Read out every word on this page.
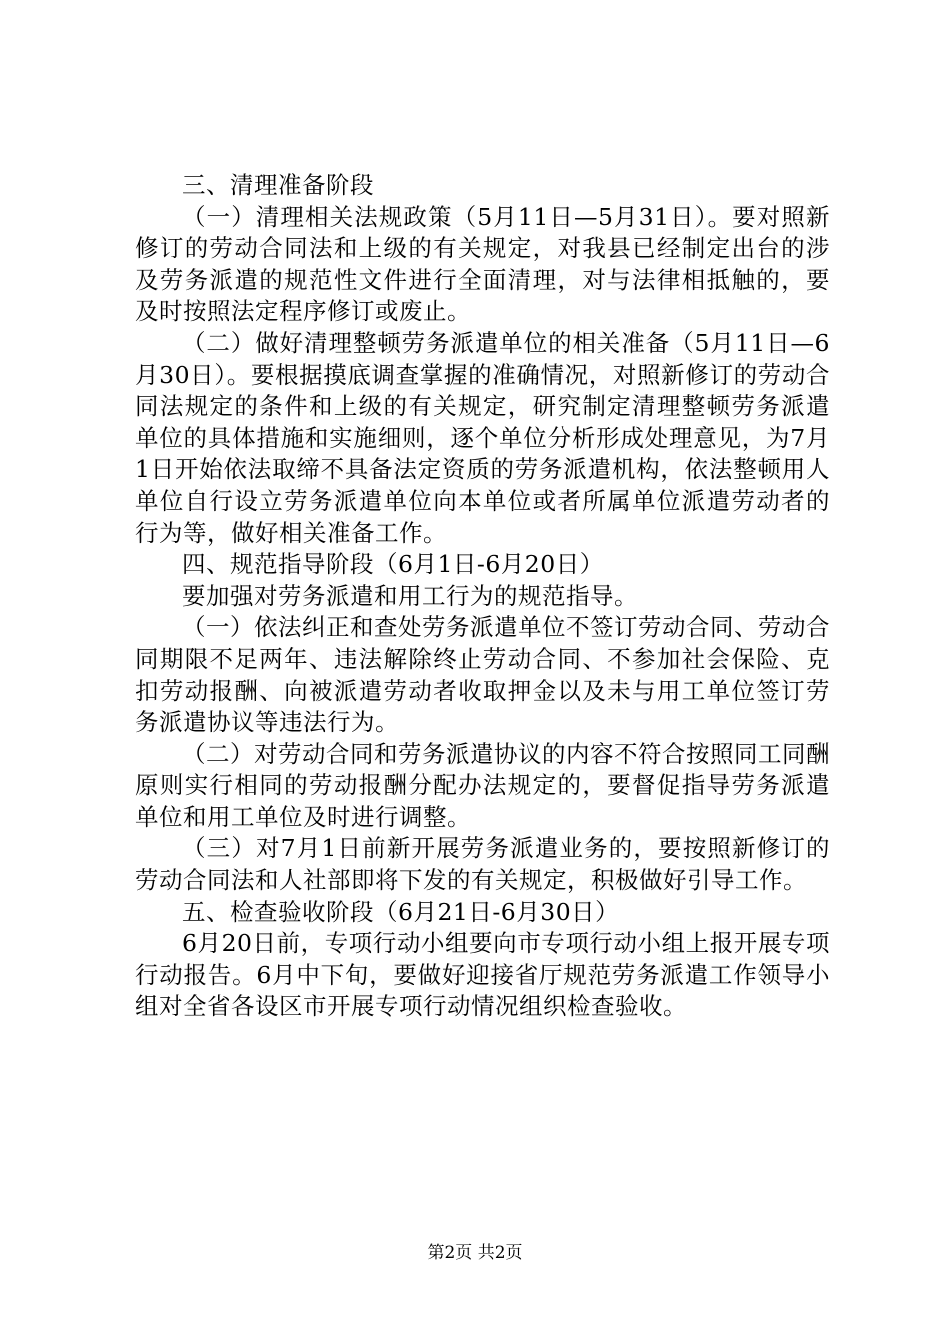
三、清理准备阶段

（一）清理相关法规政策（5月11日—5月31日）。要对照新修订的劳动合同法和上级的有关规定，对我县已经制定出台的涉及劳务派遣的规范性文件进行全面清理，对与法律相抵触的，要及时按照法定程序修订或废止。

（二）做好清理整顿劳务派遣单位的相关准备（5月11日—6月30日）。要根据摸底调查掌握的准确情况，对照新修订的劳动合同法规定的条件和上级的有关规定，研究制定清理整顿劳务派遣单位的具体措施和实施细则，逐个单位分析形成处理意见，为7月1日开始依法取缔不具备法定资质的劳务派遣机构，依法整顿用人单位自行设立劳务派遣单位向本单位或者所属单位派遣劳动者的行为等，做好相关准备工作。

四、规范指导阶段（6月1日-6月20日）

要加强对劳务派遣和用工行为的规范指导。

（一）依法纠正和查处劳务派遣单位不签订劳动合同、劳动合同期限不足两年、违法解除终止劳动合同、不参加社会保险、克扣劳动报酬、向被派遣劳动者收取押金以及未与用工单位签订劳务派遣协议等违法行为。

（二）对劳动合同和劳务派遣协议的内容不符合按照同工同酬原则实行相同的劳动报酬分配办法规定的，要督促指导劳务派遣单位和用工单位及时进行调整。

（三）对7月1日前新开展劳务派遣业务的，要按照新修订的劳动合同法和人社部即将下发的有关规定，积极做好引导工作。

五、检查验收阶段（6月21日-6月30日）

6月20日前，专项行动小组要向市专项行动小组上报开展专项行动报告。6月中下旬，要做好迎接省厅规范劳务派遣工作领导小组对全省各设区市开展专项行动情况组织检查验收。

第2页 共2页
